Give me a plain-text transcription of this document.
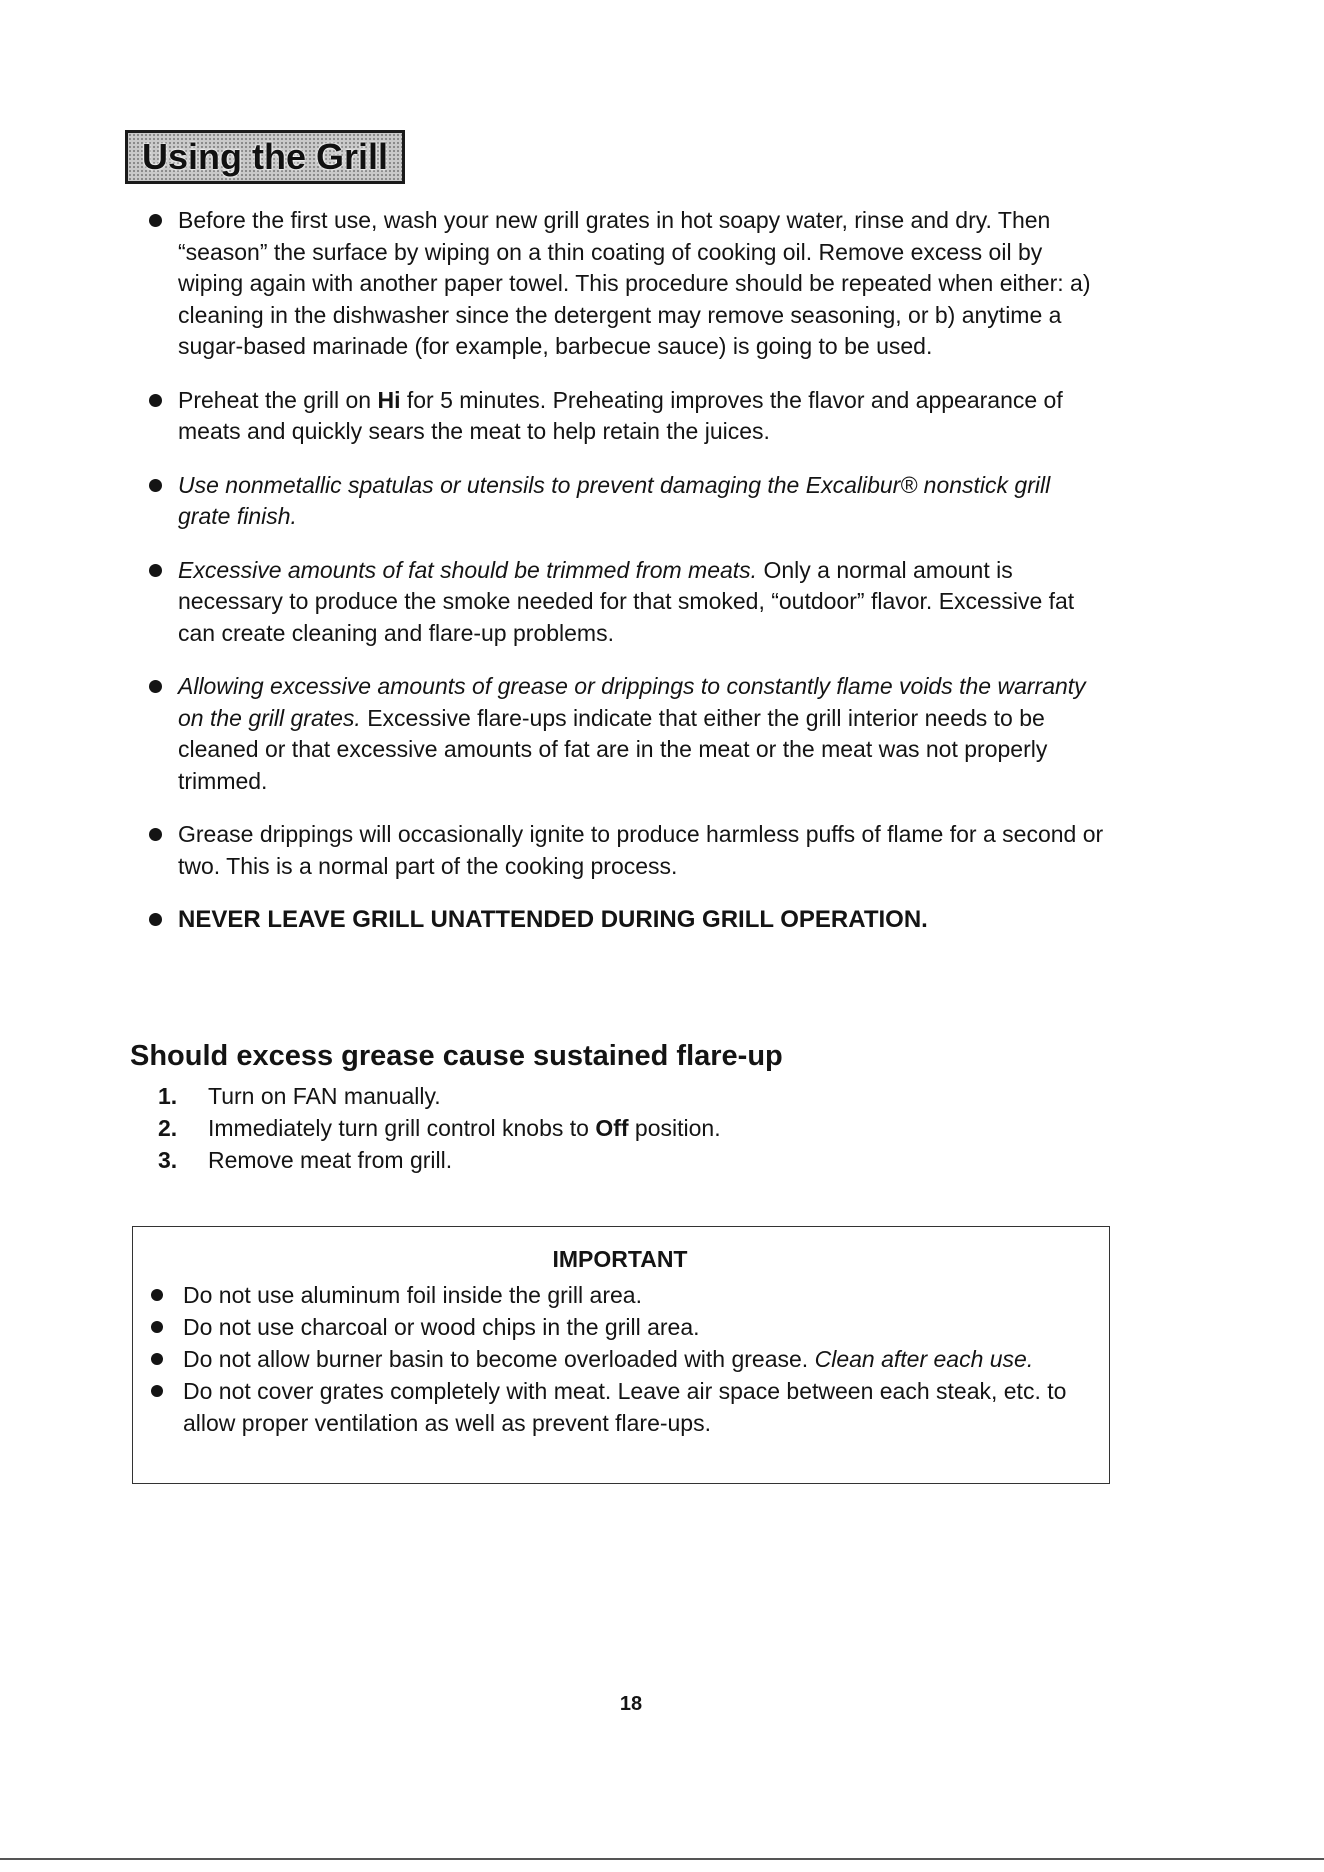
Using the Grill
Before the first use, wash your new grill grates in hot soapy water, rinse and dry. Then “season” the surface by wiping on a thin coating of cooking oil. Remove excess oil by wiping again with another paper towel. This procedure should be repeated when either: a) cleaning in the dishwasher since the detergent may remove seasoning, or b) anytime a sugar-based marinade (for example, barbecue sauce) is going to be used.
Preheat the grill on Hi for 5 minutes. Preheating improves the flavor and appearance of meats and quickly sears the meat to help retain the juices.
Use nonmetallic spatulas or utensils to prevent damaging the Excalibur® nonstick grill grate finish.
Excessive amounts of fat should be trimmed from meats. Only a normal amount is necessary to produce the smoke needed for that smoked, “outdoor” flavor. Excessive fat can create cleaning and flare-up problems.
Allowing excessive amounts of grease or drippings to constantly flame voids the warranty on the grill grates. Excessive flare-ups indicate that either the grill interior needs to be cleaned or that excessive amounts of fat are in the meat or the meat was not properly trimmed.
Grease drippings will occasionally ignite to produce harmless puffs of flame for a second or two. This is a normal part of the cooking process.
NEVER LEAVE GRILL UNATTENDED DURING GRILL OPERATION.
Should excess grease cause sustained flare-up
1. Turn on FAN manually.
2. Immediately turn grill control knobs to Off position.
3. Remove meat from grill.
IMPORTANT
Do not use aluminum foil inside the grill area.
Do not use charcoal or wood chips in the grill area.
Do not allow burner basin to become overloaded with grease. Clean after each use.
Do not cover grates completely with meat. Leave air space between each steak, etc. to allow proper ventilation as well as prevent flare-ups.
18
